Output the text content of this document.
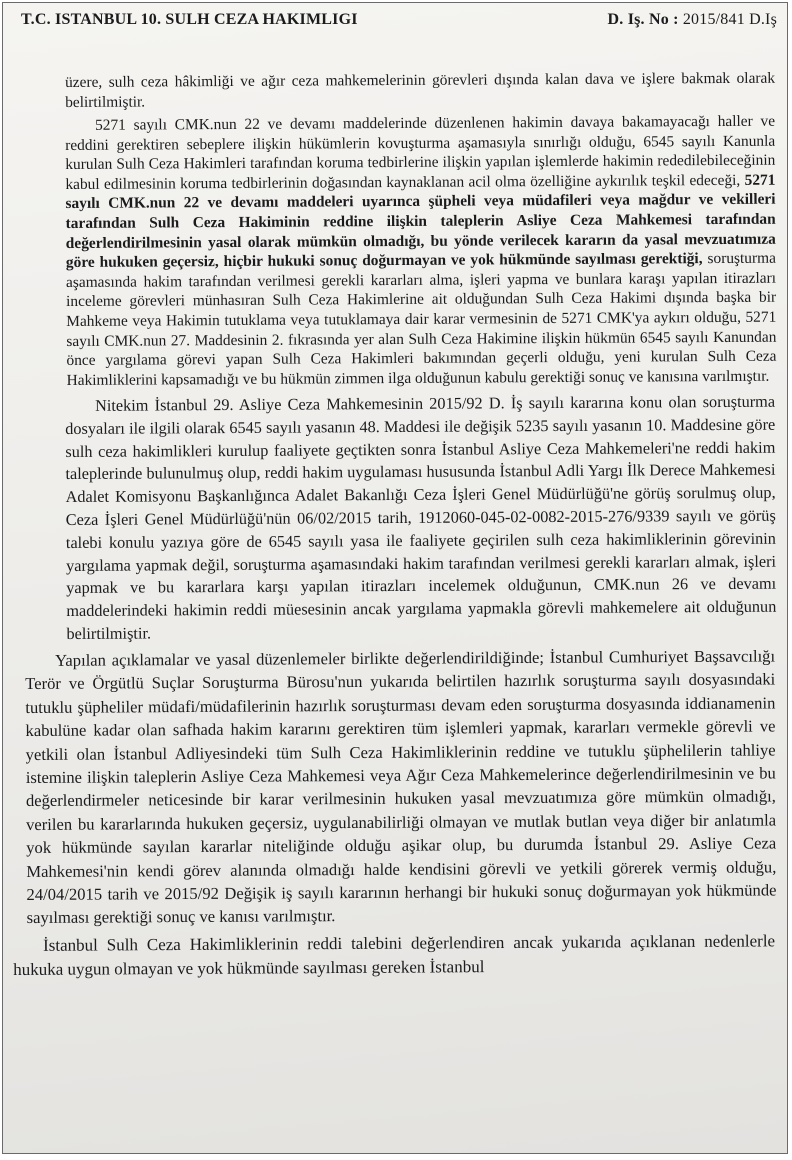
T.C. ISTANBUL 10. SULH CEZA HAKIMLIGI	D. Iş. No : 2015/841 D.Iş

üzere, sulh ceza hâkimliği ve ağır ceza mahkemelerinin görevleri dışında kalan dava ve işlere bakmak olarak belirtilmiştir.

5271 sayılı CMK.nun 22 ve devamı maddelerinde düzenlenen hakimin davaya bakamayacağı haller ve reddini gerektiren sebeplere ilişkin hükümlerin kovuşturma aşamasıyla sınırlığı olduğu, 6545 sayılı Kanunla kurulan Sulh Ceza Hakimleri tarafından koruma tedbirlerine ilişkin yapılan işlemlerde hakimin rededilebileceğinin kabul edilmesinin koruma tedbirlerinin doğasından kaynaklanan acil olma özelliğine aykırılık teşkil edeceği, 5271 sayılı CMK.nun 22 ve devamı maddeleri uyarınca şüpheli veya müdafileri veya mağdur ve vekilleri tarafından Sulh Ceza Hakiminin reddine ilişkin taleplerin Asliye Ceza Mahkemesi tarafından değerlendirilmesinin yasal olarak mümkün olmadığı, bu yönde verilecek kararın da yasal mevzuatımıza göre hukuken geçersiz, hiçbir hukuki sonuç doğurmayan ve yok hükmünde sayılması gerektiği, soruşturma aşamasında hakim tarafından verilmesi gerekli kararları alma, işleri yapma ve bunlara karaşı yapılan itirazları inceleme görevleri münhasıran Sulh Ceza Hakimlerine ait olduğundan Sulh Ceza Hakimi dışında başka bir Mahkeme veya Hakimin tutuklama veya tutuklamaya dair karar vermesinin de 5271 CMK'ya aykırı olduğu, 5271 sayılı CMK.nun 27. Maddesinin 2. fıkrasında yer alan Sulh Ceza Hakimine ilişkin hükmün 6545 sayılı Kanundan önce yargılama görevi yapan Sulh Ceza Hakimleri bakımından geçerli olduğu, yeni kurulan Sulh Ceza Hakimliklerini kapsamadığı ve bu hükmün zimmen ilga olduğunun kabulu gerektiği sonuç ve kanısına varılmıştır.

Nitekim İstanbul 29. Asliye Ceza Mahkemesinin 2015/92 D. İş sayılı kararına konu olan soruşturma dosyaları ile ilgili olarak 6545 sayılı yasanın 48. Maddesi ile değişik 5235 sayılı yasanın 10. Maddesine göre sulh ceza hakimlikleri kurulup faaliyete geçtikten sonra İstanbul Asliye Ceza Mahkemeleri'ne reddi hakim taleplerinde bulunulmuş olup, reddi hakim uygulaması hususunda İstanbul Adli Yargı İlk Derece Mahkemesi Adalet Komisyonu Başkanlığınca Adalet Bakanlığı Ceza İşleri Genel Müdürlüğü'ne görüş sorulmuş olup, Ceza İşleri Genel Müdürlüğü'nün 06/02/2015 tarih, 1912060-045-02-0082-2015-276/9339 sayılı ve görüş talebi konulu yazıya göre de 6545 sayılı yasa ile faaliyete geçirilen sulh ceza hakimliklerinin görevinin yargılama yapmak değil, soruşturma aşamasındaki hakim tarafından verilmesi gerekli kararları almak, işleri yapmak ve bu kararlara karşı yapılan itirazları incelemek olduğunun, CMK.nun 26 ve devamı maddelerindeki hakimin reddi müesesinin ancak yargılama yapmakla görevli mahkemelere ait olduğunun belirtilmiştir.

Yapılan açıklamalar ve yasal düzenlemeler birlikte değerlendirildiğinde; İstanbul Cumhuriyet Başsavcılığı Terör ve Örgütlü Suçlar Soruşturma Bürosu'nun yukarıda belirtilen hazırlık soruşturma sayılı dosyasındaki tutuklu şüpheliler müdafi/müdafilerinin hazırlık soruşturması devam eden soruşturma dosyasında iddianamenin kabulüne kadar olan safhada hakim kararını gerektiren tüm işlemleri yapmak, kararları vermekle görevli ve yetkili olan İstanbul Adliyesindeki tüm Sulh Ceza Hakimliklerinin reddine ve tutuklu şüphelilerin tahliye istemine ilişkin taleplerin Asliye Ceza Mahkemesi veya Ağır Ceza Mahkemelerince değerlendirilmesinin ve bu değerlendirmeler neticesinde bir karar verilmesinin hukuken yasal mevzuatımıza göre mümkün olmadığı, verilen bu kararlarında hukuken geçersiz, uygulanabilirliği olmayan ve mutlak butlan veya diğer bir anlatımla yok hükmünde sayılan kararlar niteliğinde olduğu aşikar olup, bu durumda İstanbul 29. Asliye Ceza Mahkemesi'nin kendi görev alanında olmadığı halde kendisini görevli ve yetkili görerek vermiş olduğu, 24/04/2015 tarih ve 2015/92 Değişik iş sayılı kararının herhangi bir hukuki sonuç doğurmayan yok hükmünde sayılması gerektiği sonuç ve kanısı varılmıştır.

İstanbul Sulh Ceza Hakimliklerinin reddi talebini değerlendiren ancak yukarıda açıklanan nedenlerle hukuka uygun olmayan ve yok hükmünde sayılması gereken İstanbul
